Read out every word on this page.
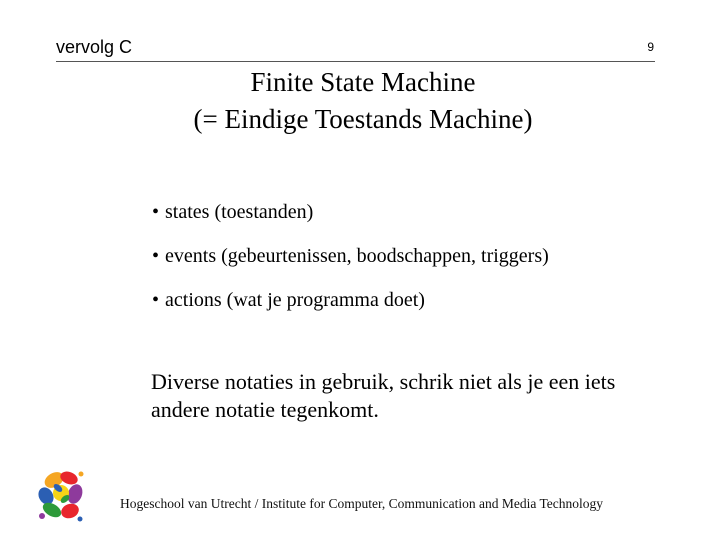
vervolg C	9
Finite State Machine
(= Eindige Toestands Machine)
• states (toestanden)
• events (gebeurtenissen, boodschappen, triggers)
• actions (wat je programma doet)
Diverse notaties in gebruik, schrik niet als je een iets
andere notatie tegenkomt.
Hogeschool van Utrecht / Institute for Computer, Communication and Media Technology
